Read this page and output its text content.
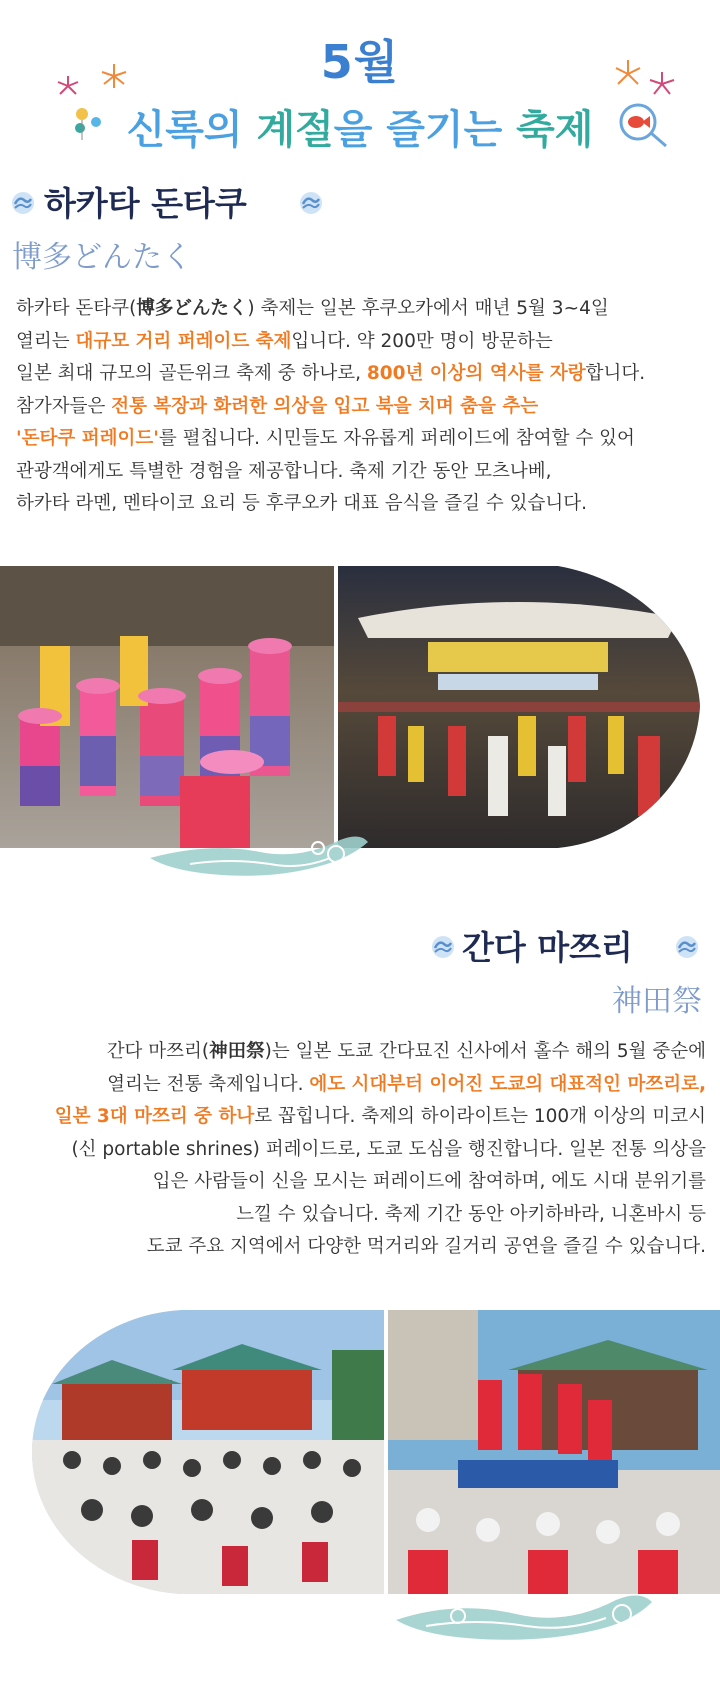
5월
신록의 계절을 즐기는 축제
하카타 돈타쿠
博多どんたく
하카타 돈타쿠(博多どんたく) 축제는 일본 후쿠오카에서 매년 5월 3~4일
열리는 대규모 거리 퍼레이드 축제입니다. 약 200만 명이 방문하는
일본 최대 규모의 골든위크 축제 중 하나로, 800년 이상의 역사를 자랑합니다.
참가자들은 전통 복장과 화려한 의상을 입고 북을 치며 춤을 추는
'돈타쿠 퍼레이드'를 펼칩니다. 시민들도 자유롭게 퍼레이드에 참여할 수 있어
관광객에게도 특별한 경험을 제공합니다. 축제 기간 동안 모츠나베,
하카타 라멘, 멘타이코 요리 등 후쿠오카 대표 음식을 즐길 수 있습니다.
간다 마쯔리
神田祭
간다 마쯔리(神田祭)는 일본 도쿄 간다묘진 신사에서 홀수 해의 5월 중순에
열리는 전통 축제입니다. 에도 시대부터 이어진 도쿄의 대표적인 마쯔리로,
일본 3대 마쯔리 중 하나로 꼽힙니다. 축제의 하이라이트는 100개 이상의 미코시
(신 portable shrines) 퍼레이드로, 도쿄 도심을 행진합니다. 일본 전통 의상을
입은 사람들이 신을 모시는 퍼레이드에 참여하며, 에도 시대 분위기를
느낄 수 있습니다. 축제 기간 동안 아키하바라, 니혼바시 등
도쿄 주요 지역에서 다양한 먹거리와 길거리 공연을 즐길 수 있습니다.
